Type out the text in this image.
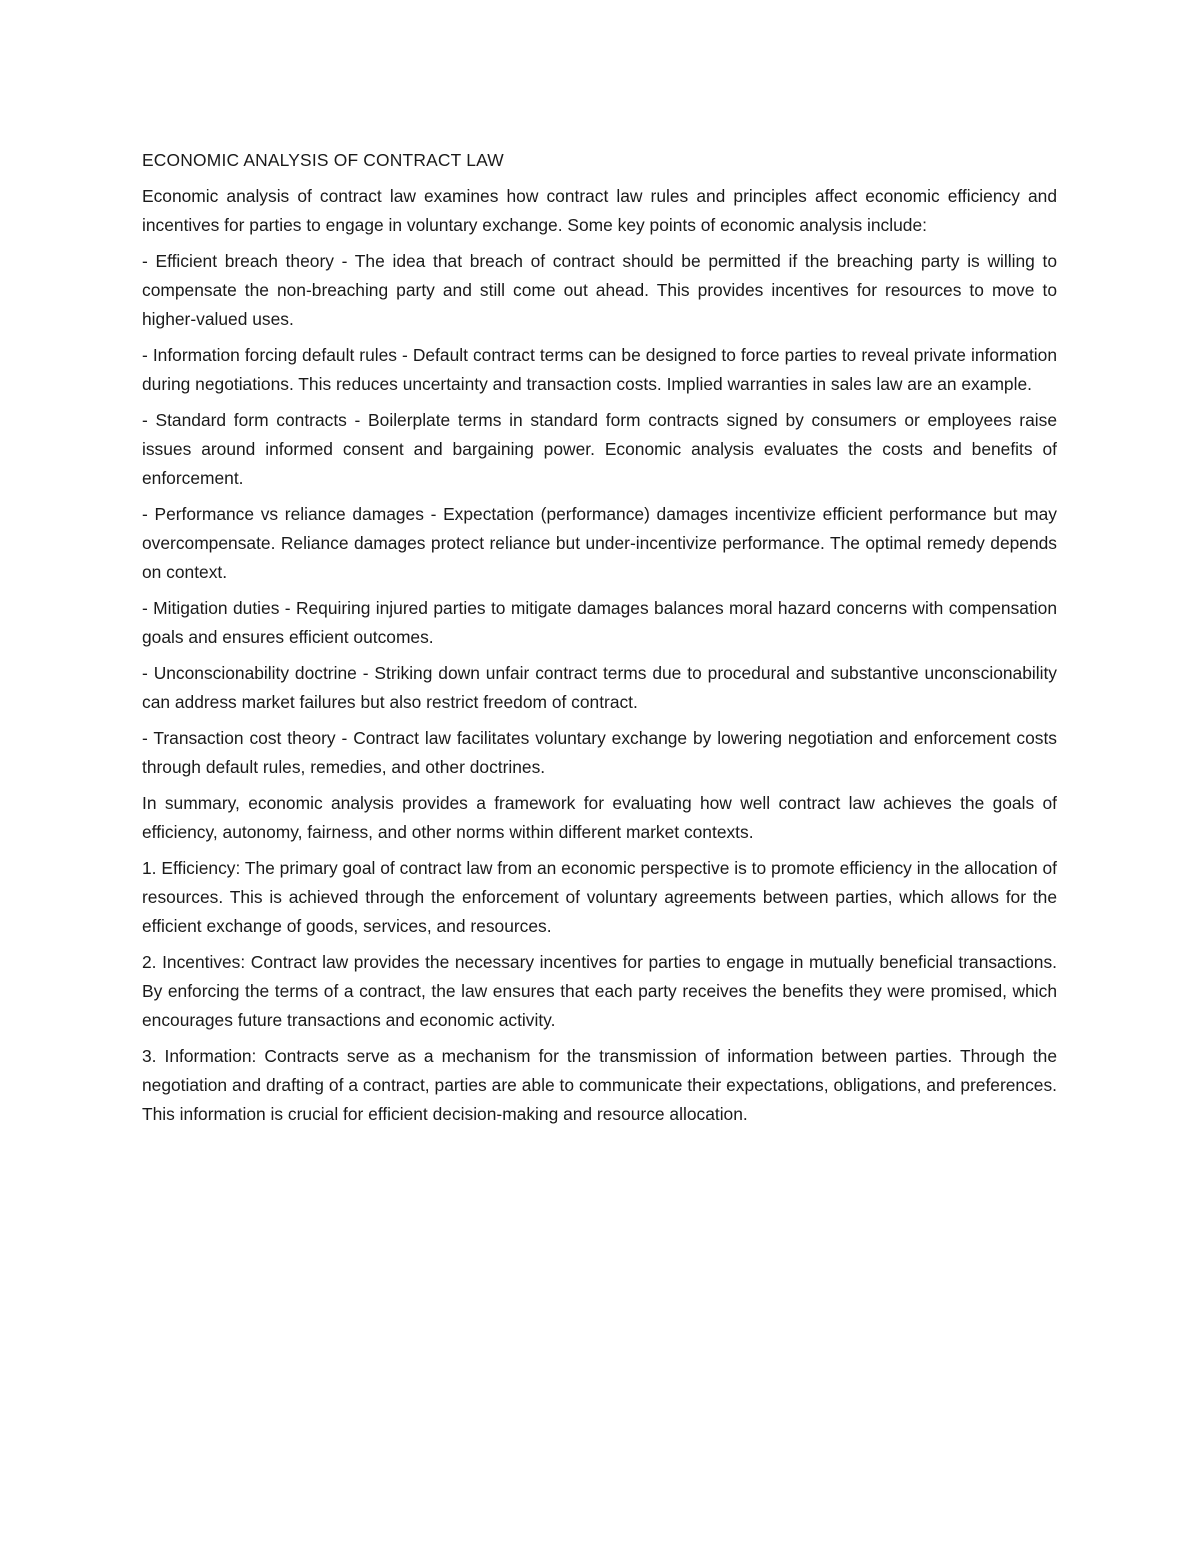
ECONOMIC ANALYSIS OF CONTRACT LAW

Economic analysis of contract law examines how contract law rules and principles affect economic efficiency and incentives for parties to engage in voluntary exchange. Some key points of economic analysis include:

- Efficient breach theory - The idea that breach of contract should be permitted if the breaching party is willing to compensate the non-breaching party and still come out ahead. This provides incentives for resources to move to higher-valued uses.

- Information forcing default rules - Default contract terms can be designed to force parties to reveal private information during negotiations. This reduces uncertainty and transaction costs. Implied warranties in sales law are an example.

- Standard form contracts - Boilerplate terms in standard form contracts signed by consumers or employees raise issues around informed consent and bargaining power. Economic analysis evaluates the costs and benefits of enforcement.

- Performance vs reliance damages - Expectation (performance) damages incentivize efficient performance but may overcompensate. Reliance damages protect reliance but under-incentivize performance. The optimal remedy depends on context.

- Mitigation duties - Requiring injured parties to mitigate damages balances moral hazard concerns with compensation goals and ensures efficient outcomes.

- Unconscionability doctrine - Striking down unfair contract terms due to procedural and substantive unconscionability can address market failures but also restrict freedom of contract.

- Transaction cost theory - Contract law facilitates voluntary exchange by lowering negotiation and enforcement costs through default rules, remedies, and other doctrines.

In summary, economic analysis provides a framework for evaluating how well contract law achieves the goals of efficiency, autonomy, fairness, and other norms within different market contexts.

1. Efficiency: The primary goal of contract law from an economic perspective is to promote efficiency in the allocation of resources. This is achieved through the enforcement of voluntary agreements between parties, which allows for the efficient exchange of goods, services, and resources.

2. Incentives: Contract law provides the necessary incentives for parties to engage in mutually beneficial transactions. By enforcing the terms of a contract, the law ensures that each party receives the benefits they were promised, which encourages future transactions and economic activity.

3. Information: Contracts serve as a mechanism for the transmission of information between parties. Through the negotiation and drafting of a contract, parties are able to communicate their expectations, obligations, and preferences. This information is crucial for efficient decision-making and resource allocation.
